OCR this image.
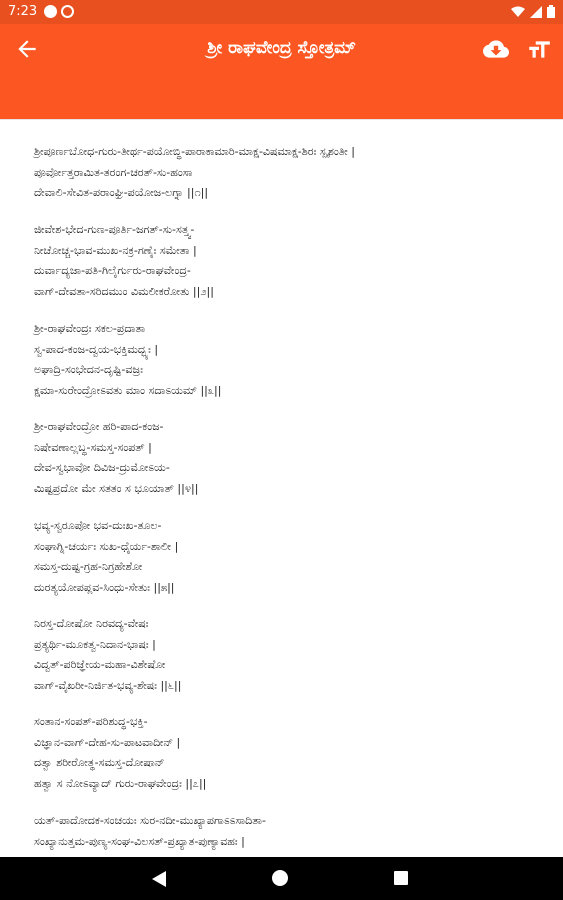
7:23
ಶ್ರೀ ರಾಘವೇಂದ್ರ ಸ್ತೋತ್ರಮ್
ಶ್ರೀಪೂರ್ಣಬೋಧ-ಗುರು-ತೀರ್ಥ-ಪಯೋಬ್ಧಿ-ಪಾರಾಕಾಮಾರಿ-ಮಾಕ್ಷ-ವಿಷಮಾಕ್ಷ-ಶಿರಃ ಸ್ಪೃಶಂತೀ |
ಪೂರ್ವೋತ್ತರಾಮಿತ-ತರಂಗ-ಚರತ್-ಸು-ಹಂಸಾ
ದೇವಾಲಿ-ಸೇವಿತ-ಪರಾಂಘ್ರಿ-ಪಯೋಜ-ಲಗ್ನಾ ||೧||
ಜೀವೇಶ-ಭೇದ-ಗುಣ-ಪೂರ್ತಿ-ಜಗತ್-ಸು-ಸತ್ತ್ವ-
ನೀಚೋಚ್ಚ-ಭಾವ-ಮುಖ-ನಕ್ರ-ಗಣೈಃ ಸಮೇತಾ |
ದುರ್ವಾದ್ಯಜಾ-ಪತಿ-ಗಿಲೈರ್ಗುರು-ರಾಘವೇಂದ್ರ-
ವಾಗ್-ದೇವತಾ-ಸರಿದಮುಂ ವಿಮಲೀಕರೋತು ||೨||
ಶ್ರೀ-ರಾಘವೇಂದ್ರಃ ಸಕಲ-ಪ್ರದಾತಾ
ಸ್ವ-ಪಾದ-ಕಂಜ-ದ್ವಯ-ಭಕ್ತಿಮದ್ಭ್ಯಃ |
ಅಘಾದ್ರಿ-ಸಂಭೇದನ-ದೃಷ್ಟಿ-ವಜ್ರಃ
ಕ್ಷಮಾ-ಸುರೇಂದ್ರೋಽವತು ಮಾಂ ಸದಾಽಯಮ್ ||೩||
ಶ್ರೀ-ರಾಘವೇಂದ್ರೋ ಹರಿ-ಪಾದ-ಕಂಜ-
ನಿಷೇವಣಾಲ್ಲಬ್ಧ-ಸಮಸ್ತ-ಸಂಪತ್ |
ದೇವ-ಸ್ವಭಾವೋ ದಿವಿಜ-ದ್ರುಮೋಽಯ-
ಮಿಷ್ಟಪ್ರದೋ ಮೇ ಸತತಂ ಸ ಭೂಯಾತ್ ||೪||
ಭವ್ಯ-ಸ್ವರೂಪೋ ಭವ-ದುಃಖ-ತೂಲ-
ಸಂಘಾಗ್ನಿ-ಚರ್ಯಃ ಸುಖ-ಧೈರ್ಯ-ಶಾಲೀ |
ಸಮಸ್ತ-ದುಷ್ಟ-ಗ್ರಹ-ನಿಗ್ರಹೇಶೋ
ದುರತ್ಯಯೋಪಪ್ಲವ-ಸಿಂಧು-ಸೇತುಃ ||೫||
ನಿರಸ್ತ-ದೋಷೋ ನಿರವದ್ಯ-ವೇಷಃ
ಪ್ರತ್ಯರ್ಥಿ-ಮೂಕತ್ವ-ನಿದಾನ-ಭಾಷಃ |
ವಿದ್ವತ್-ಪರಿಜ್ಞೇಯ-ಮಹಾ-ವಿಶೇಷೋ
ವಾಗ್-ವೈಖರೀ-ನಿರ್ಜಿತ-ಭವ್ಯ-ಶೇಷಃ ||೬||
ಸಂತಾನ-ಸಂಪತ್-ಪರಿಶುದ್ಧ-ಭಕ್ತಿ-
ವಿಜ್ಞಾನ-ವಾಗ್-ದೇಹ-ಸು-ಪಾಟವಾದೀನ್ |
ದತ್ವಾ ಶರೀರೋತ್ಥ-ಸಮಸ್ತ-ದೋಷಾನ್
ಹತ್ವಾ ಸ ನೋಽವ್ಯಾದ್ ಗುರು-ರಾಘವೇಂದ್ರಃ ||೭||
ಯತ್-ಪಾದೋದಕ-ಸಂಚಯಃ ಸುರ-ನದೀ-ಮುಖ್ಯಾಪಗಾಽಽಸಾದಿತಾ-
ಸಂಖ್ಯಾನುತ್ತಮ-ಪುಣ್ಯ-ಸಂಘ-ವಿಲಸತ್-ಪ್ರಖ್ಯಾತ-ಪುಣ್ಯಾವಹಃ |
